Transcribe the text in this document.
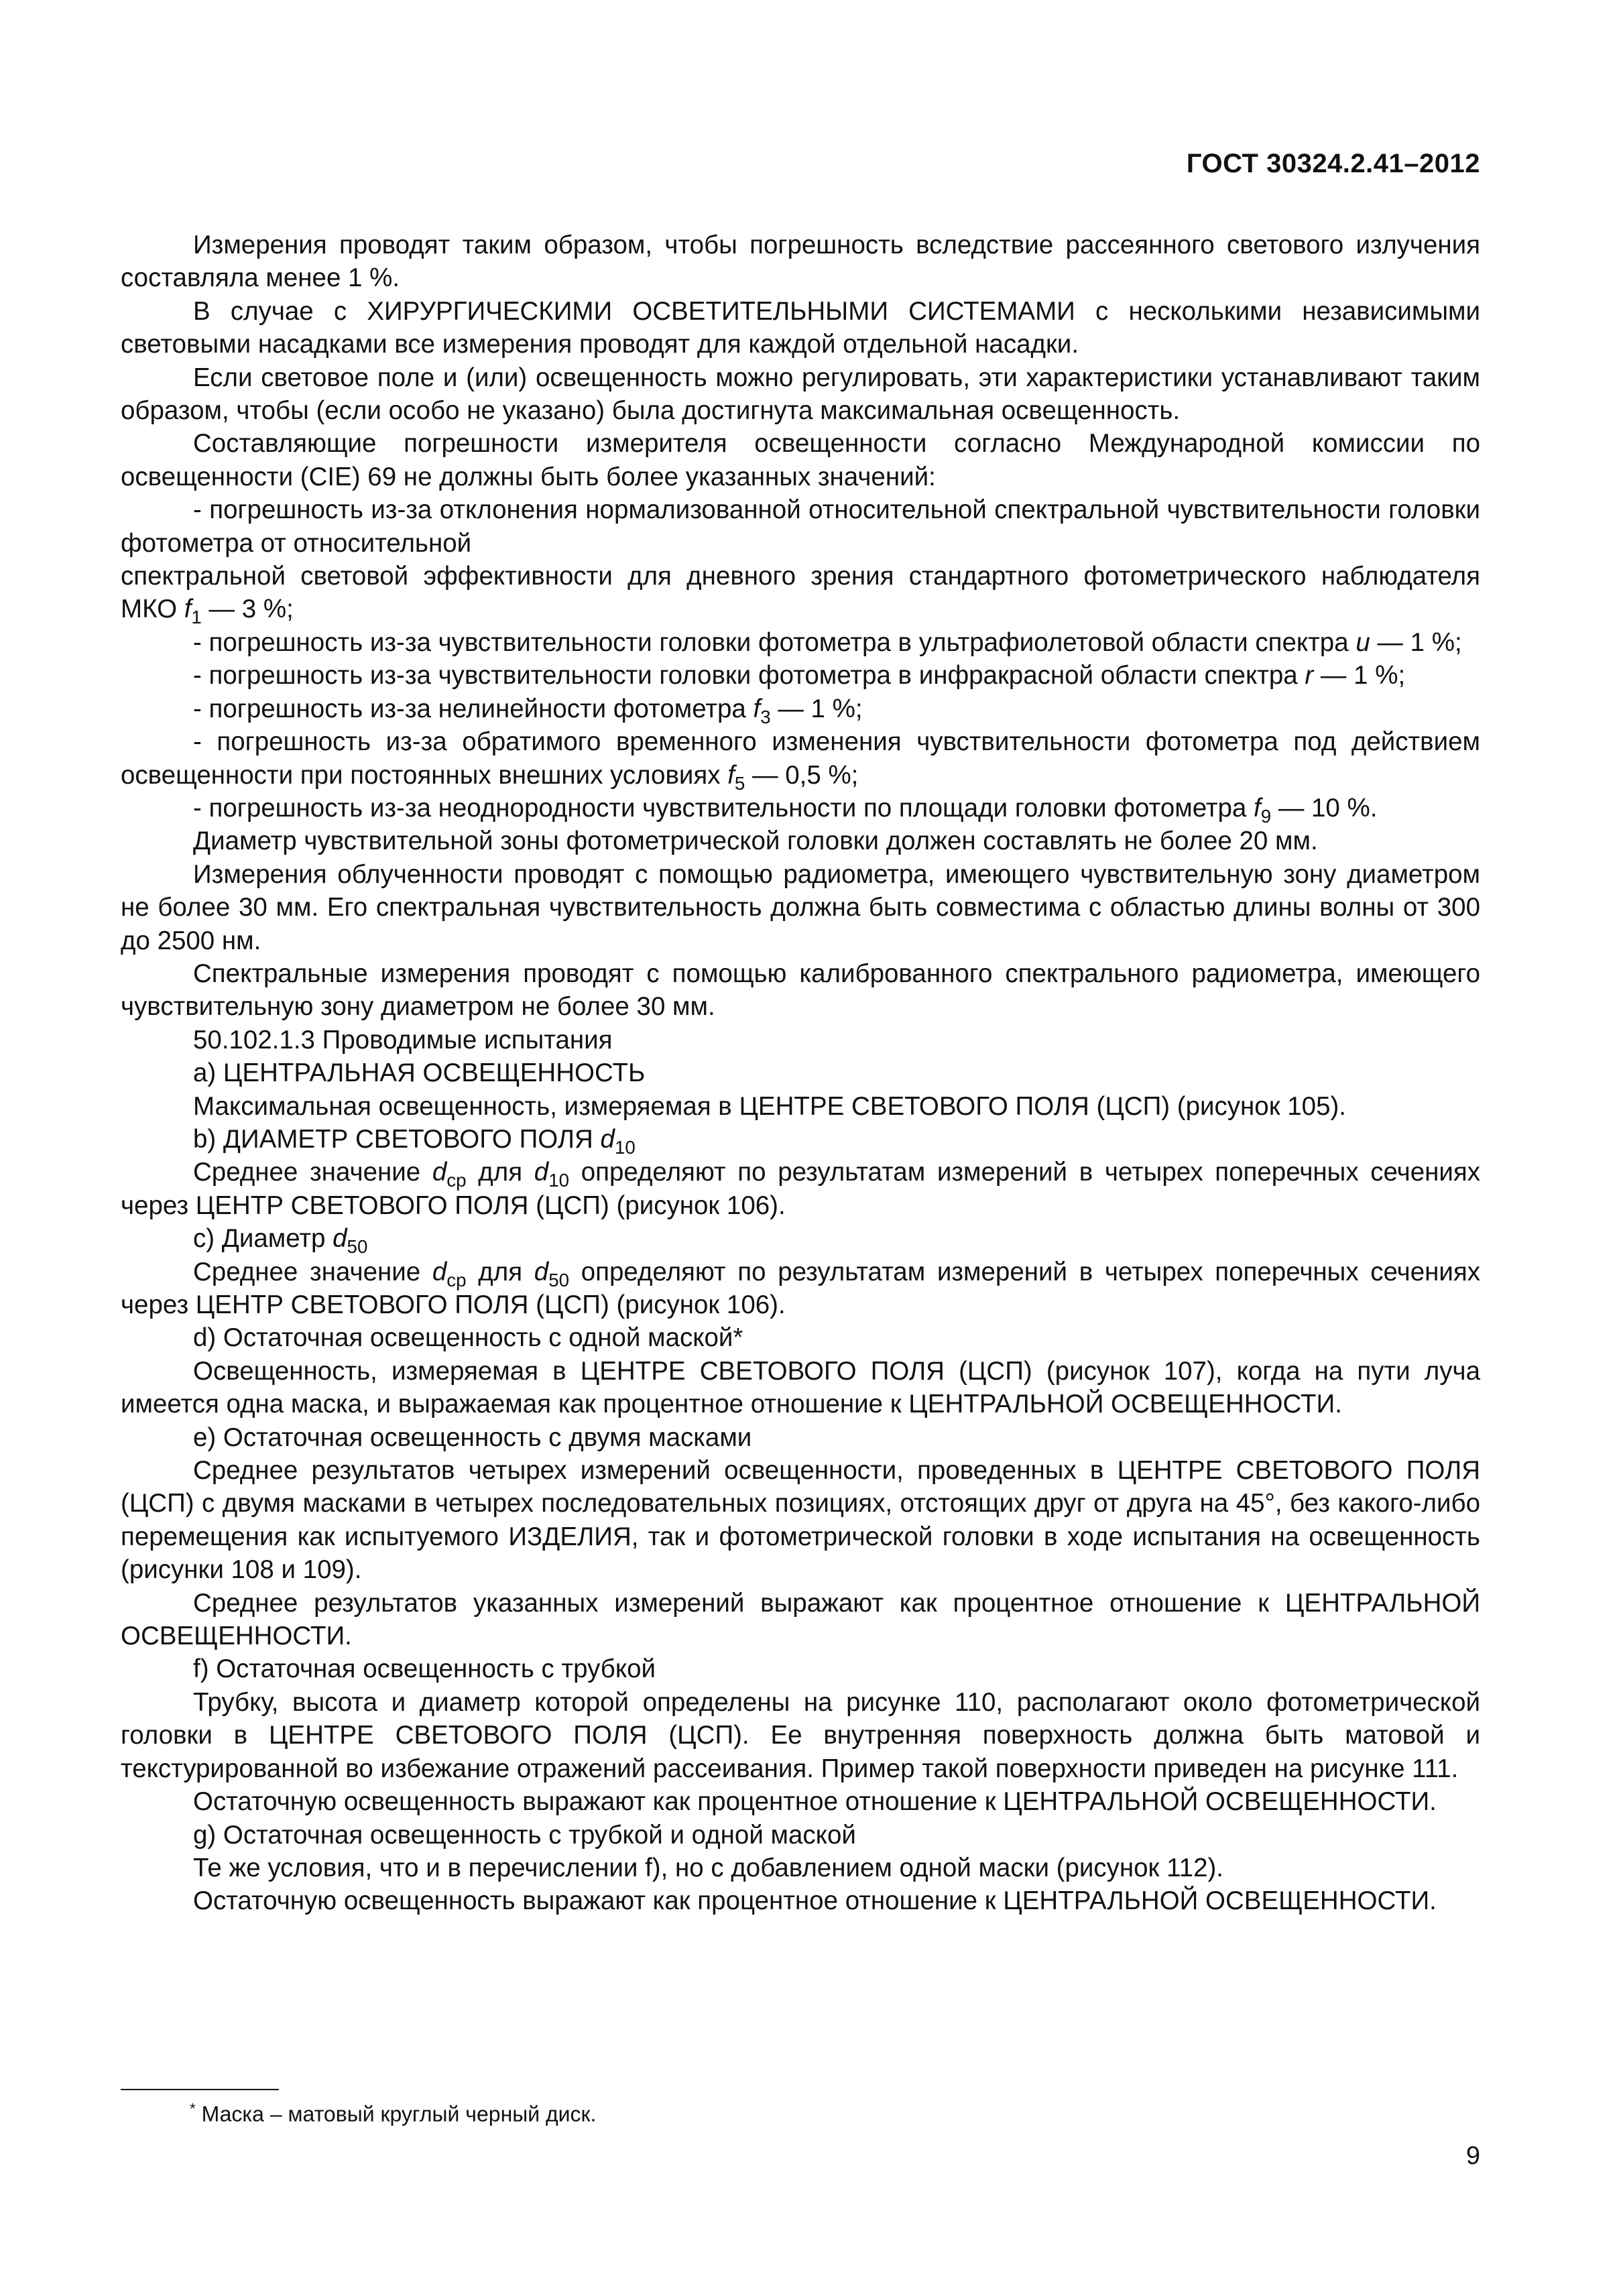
ГОСТ 30324.2.41–2012

Измерения проводят таким образом, чтобы погрешность вследствие рассеянного светового излучения составляла менее 1 %.

В случае с ХИРУРГИЧЕСКИМИ ОСВЕТИТЕЛЬНЫМИ СИСТЕМАМИ с несколькими независимыми световыми насадками все измерения проводят для каждой отдельной насадки.

Если световое поле и (или) освещенность можно регулировать, эти характеристики устанавливают таким образом, чтобы (если особо не указано) была достигнута максимальная освещенность.

Составляющие погрешности измерителя освещенности согласно Международной комиссии по освещенности (CIE) 69 не должны быть более указанных значений:

- погрешность из-за отклонения нормализованной относительной спектральной чувствительности головки фотометра от относительной

спектральной световой эффективности для дневного зрения стандартного фотометрического наблюдателя МКО $f_1$ — 3 %;

- погрешность из-за чувствительности головки фотометра в ультрафиолетовой области спектра u — 1 %;

- погрешность из-за чувствительности головки фотометра в инфракрасной области спектра r — 1 %;

- погрешность из-за нелинейности фотометра $f_3$ — 1 %;

- погрешность из-за обратимого временного изменения чувствительности фотометра под действием освещенности при постоянных внешних условиях $f_5$ — 0,5 %;

- погрешность из-за неоднородности чувствительности по площади головки фотометра $f_9$ — 10 %.

Диаметр чувствительной зоны фотометрической головки должен составлять не более 20 мм.

Измерения облученности проводят с помощью радиометра, имеющего чувствительную зону диаметром не более 30 мм. Его спектральная чувствительность должна быть совместима с областью длины волны от 300 до 2500 нм.

Спектральные измерения проводят с помощью калиброванного спектрального радиометра, имеющего чувствительную зону диаметром не более 30 мм.

50.102.1.3 Проводимые испытания

a) ЦЕНТРАЛЬНАЯ ОСВЕЩЕННОСТЬ

Максимальная освещенность, измеряемая в ЦЕНТРЕ СВЕТОВОГО ПОЛЯ (ЦСП) (рисунок 105).

b) ДИАМЕТР СВЕТОВОГО ПОЛЯ $d_{10}$

Среднее значение $d_{ср}$ для $d_{10}$ определяют по результатам измерений в четырех поперечных сечениях через ЦЕНТР СВЕТОВОГО ПОЛЯ (ЦСП) (рисунок 106).

c) Диаметр $d_{50}$

Среднее значение $d_{ср}$ для $d_{50}$ определяют по результатам измерений в четырех поперечных сечениях через ЦЕНТР СВЕТОВОГО ПОЛЯ (ЦСП) (рисунок 106).

d) Остаточная освещенность с одной маской*

Освещенность, измеряемая в ЦЕНТРЕ СВЕТОВОГО ПОЛЯ (ЦСП) (рисунок 107), когда на пути луча имеется одна маска, и выражаемая как процентное отношение к ЦЕНТРАЛЬНОЙ ОСВЕЩЕННОСТИ.

e) Остаточная освещенность с двумя масками

Среднее результатов четырех измерений освещенности, проведенных в ЦЕНТРЕ СВЕТОВОГО ПОЛЯ (ЦСП) с двумя масками в четырех последовательных позициях, отстоящих друг от друга на 45°, без какого-либо перемещения как испытуемого ИЗДЕЛИЯ, так и фотометрической головки в ходе испытания на освещенность (рисунки 108 и 109).

Среднее результатов указанных измерений выражают как процентное отношение к ЦЕНТРАЛЬНОЙ ОСВЕЩЕННОСТИ.

f) Остаточная освещенность с трубкой

Трубку, высота и диаметр которой определены на рисунке 110, располагают около фотометрической головки в ЦЕНТРЕ СВЕТОВОГО ПОЛЯ (ЦСП). Ее внутренняя поверхность должна быть матовой и текстурированной во избежание отражений рассеивания. Пример такой поверхности приведен на рисунке 111.

Остаточную освещенность выражают как процентное отношение к ЦЕНТРАЛЬНОЙ ОСВЕЩЕННОСТИ.

g) Остаточная освещенность с трубкой и одной маской

Те же условия, что и в перечислении f), но с добавлением одной маски (рисунок 112).

Остаточную освещенность выражают как процентное отношение к ЦЕНТРАЛЬНОЙ ОСВЕЩЕННОСТИ.

* Маска – матовый круглый черный диск.
9
